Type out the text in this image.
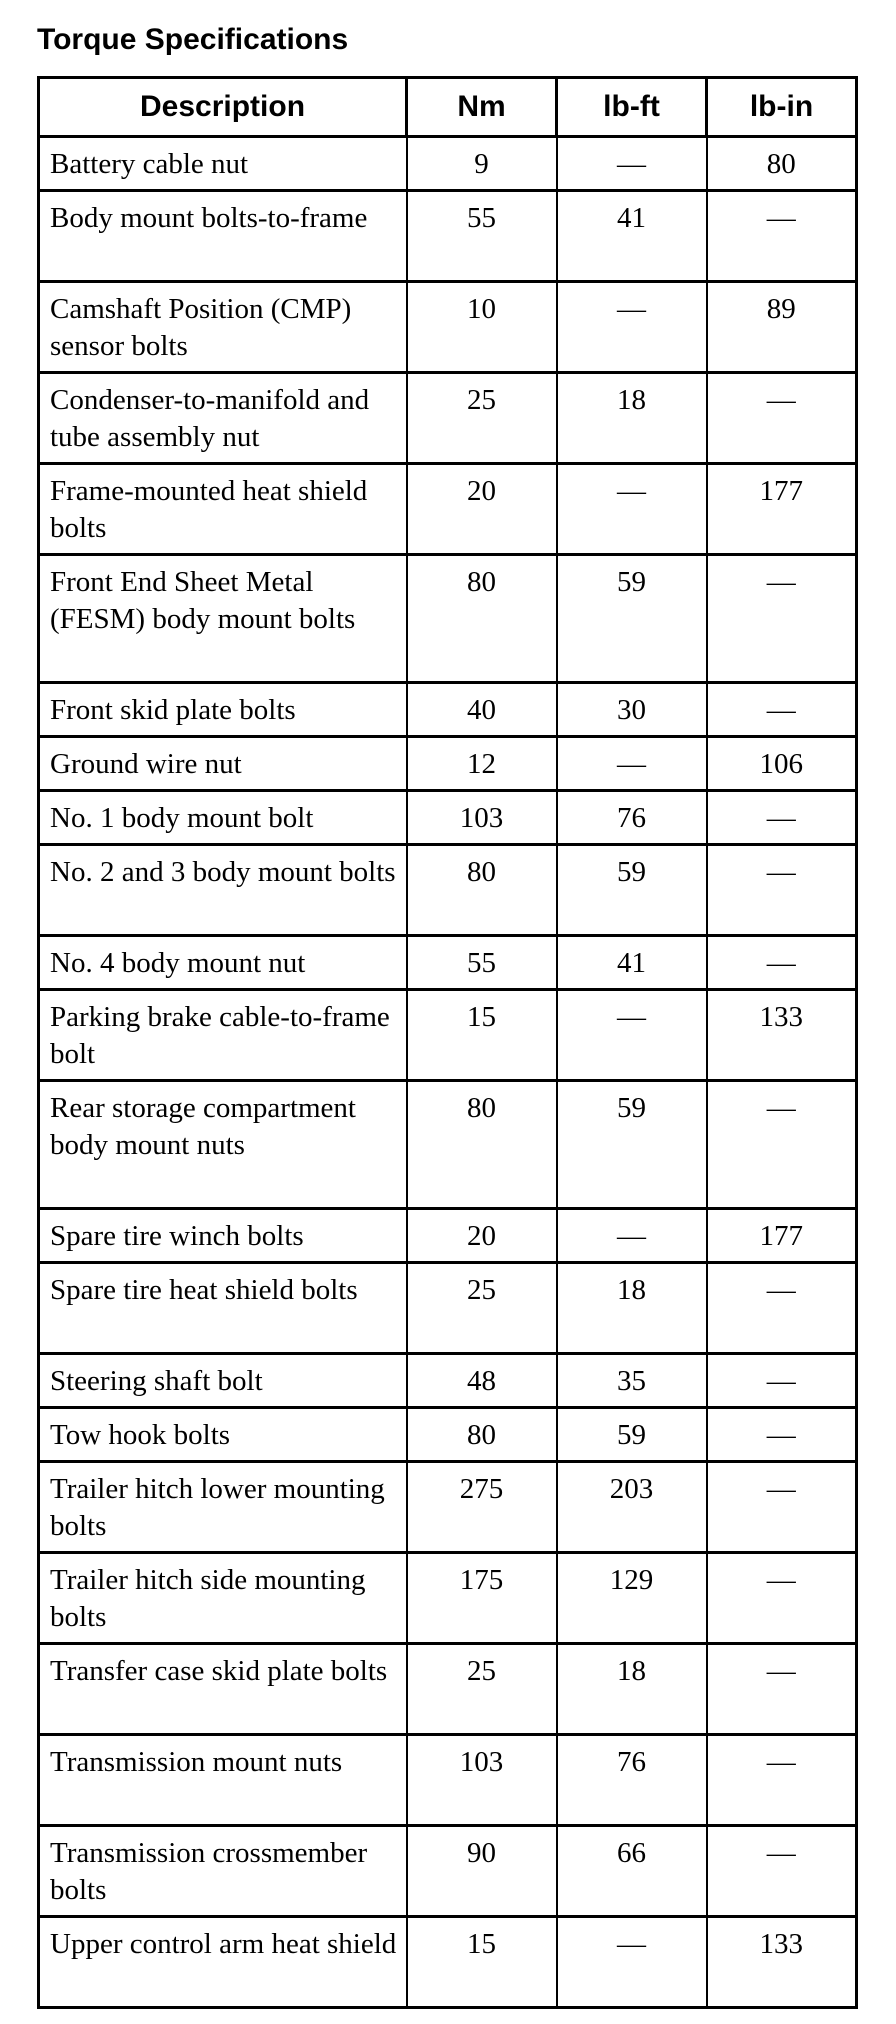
Torque Specifications
Description	Nm	lb-ft	lb-in
Battery cable nut	9	—	80
Body mount bolts-to-frame	55	41	—
Camshaft Position (CMP) sensor bolts	10	—	89
Condenser-to-manifold and tube assembly nut	25	18	—
Frame-mounted heat shield bolts	20	—	177
Front End Sheet Metal (FESM) body mount bolts	80	59	—
Front skid plate bolts	40	30	—
Ground wire nut	12	—	106
No. 1 body mount bolt	103	76	—
No. 2 and 3 body mount bolts	80	59	—
No. 4 body mount nut	55	41	—
Parking brake cable-to-frame bolt	15	—	133
Rear storage compartment body mount nuts	80	59	—
Spare tire winch bolts	20	—	177
Spare tire heat shield bolts	25	18	—
Steering shaft bolt	48	35	—
Tow hook bolts	80	59	—
Trailer hitch lower mounting bolts	275	203	—
Trailer hitch side mounting bolts	175	129	—
Transfer case skid plate bolts	25	18	—
Transmission mount nuts	103	76	—
Transmission crossmember bolts	90	66	—
Upper control arm heat shield	15	—	133
